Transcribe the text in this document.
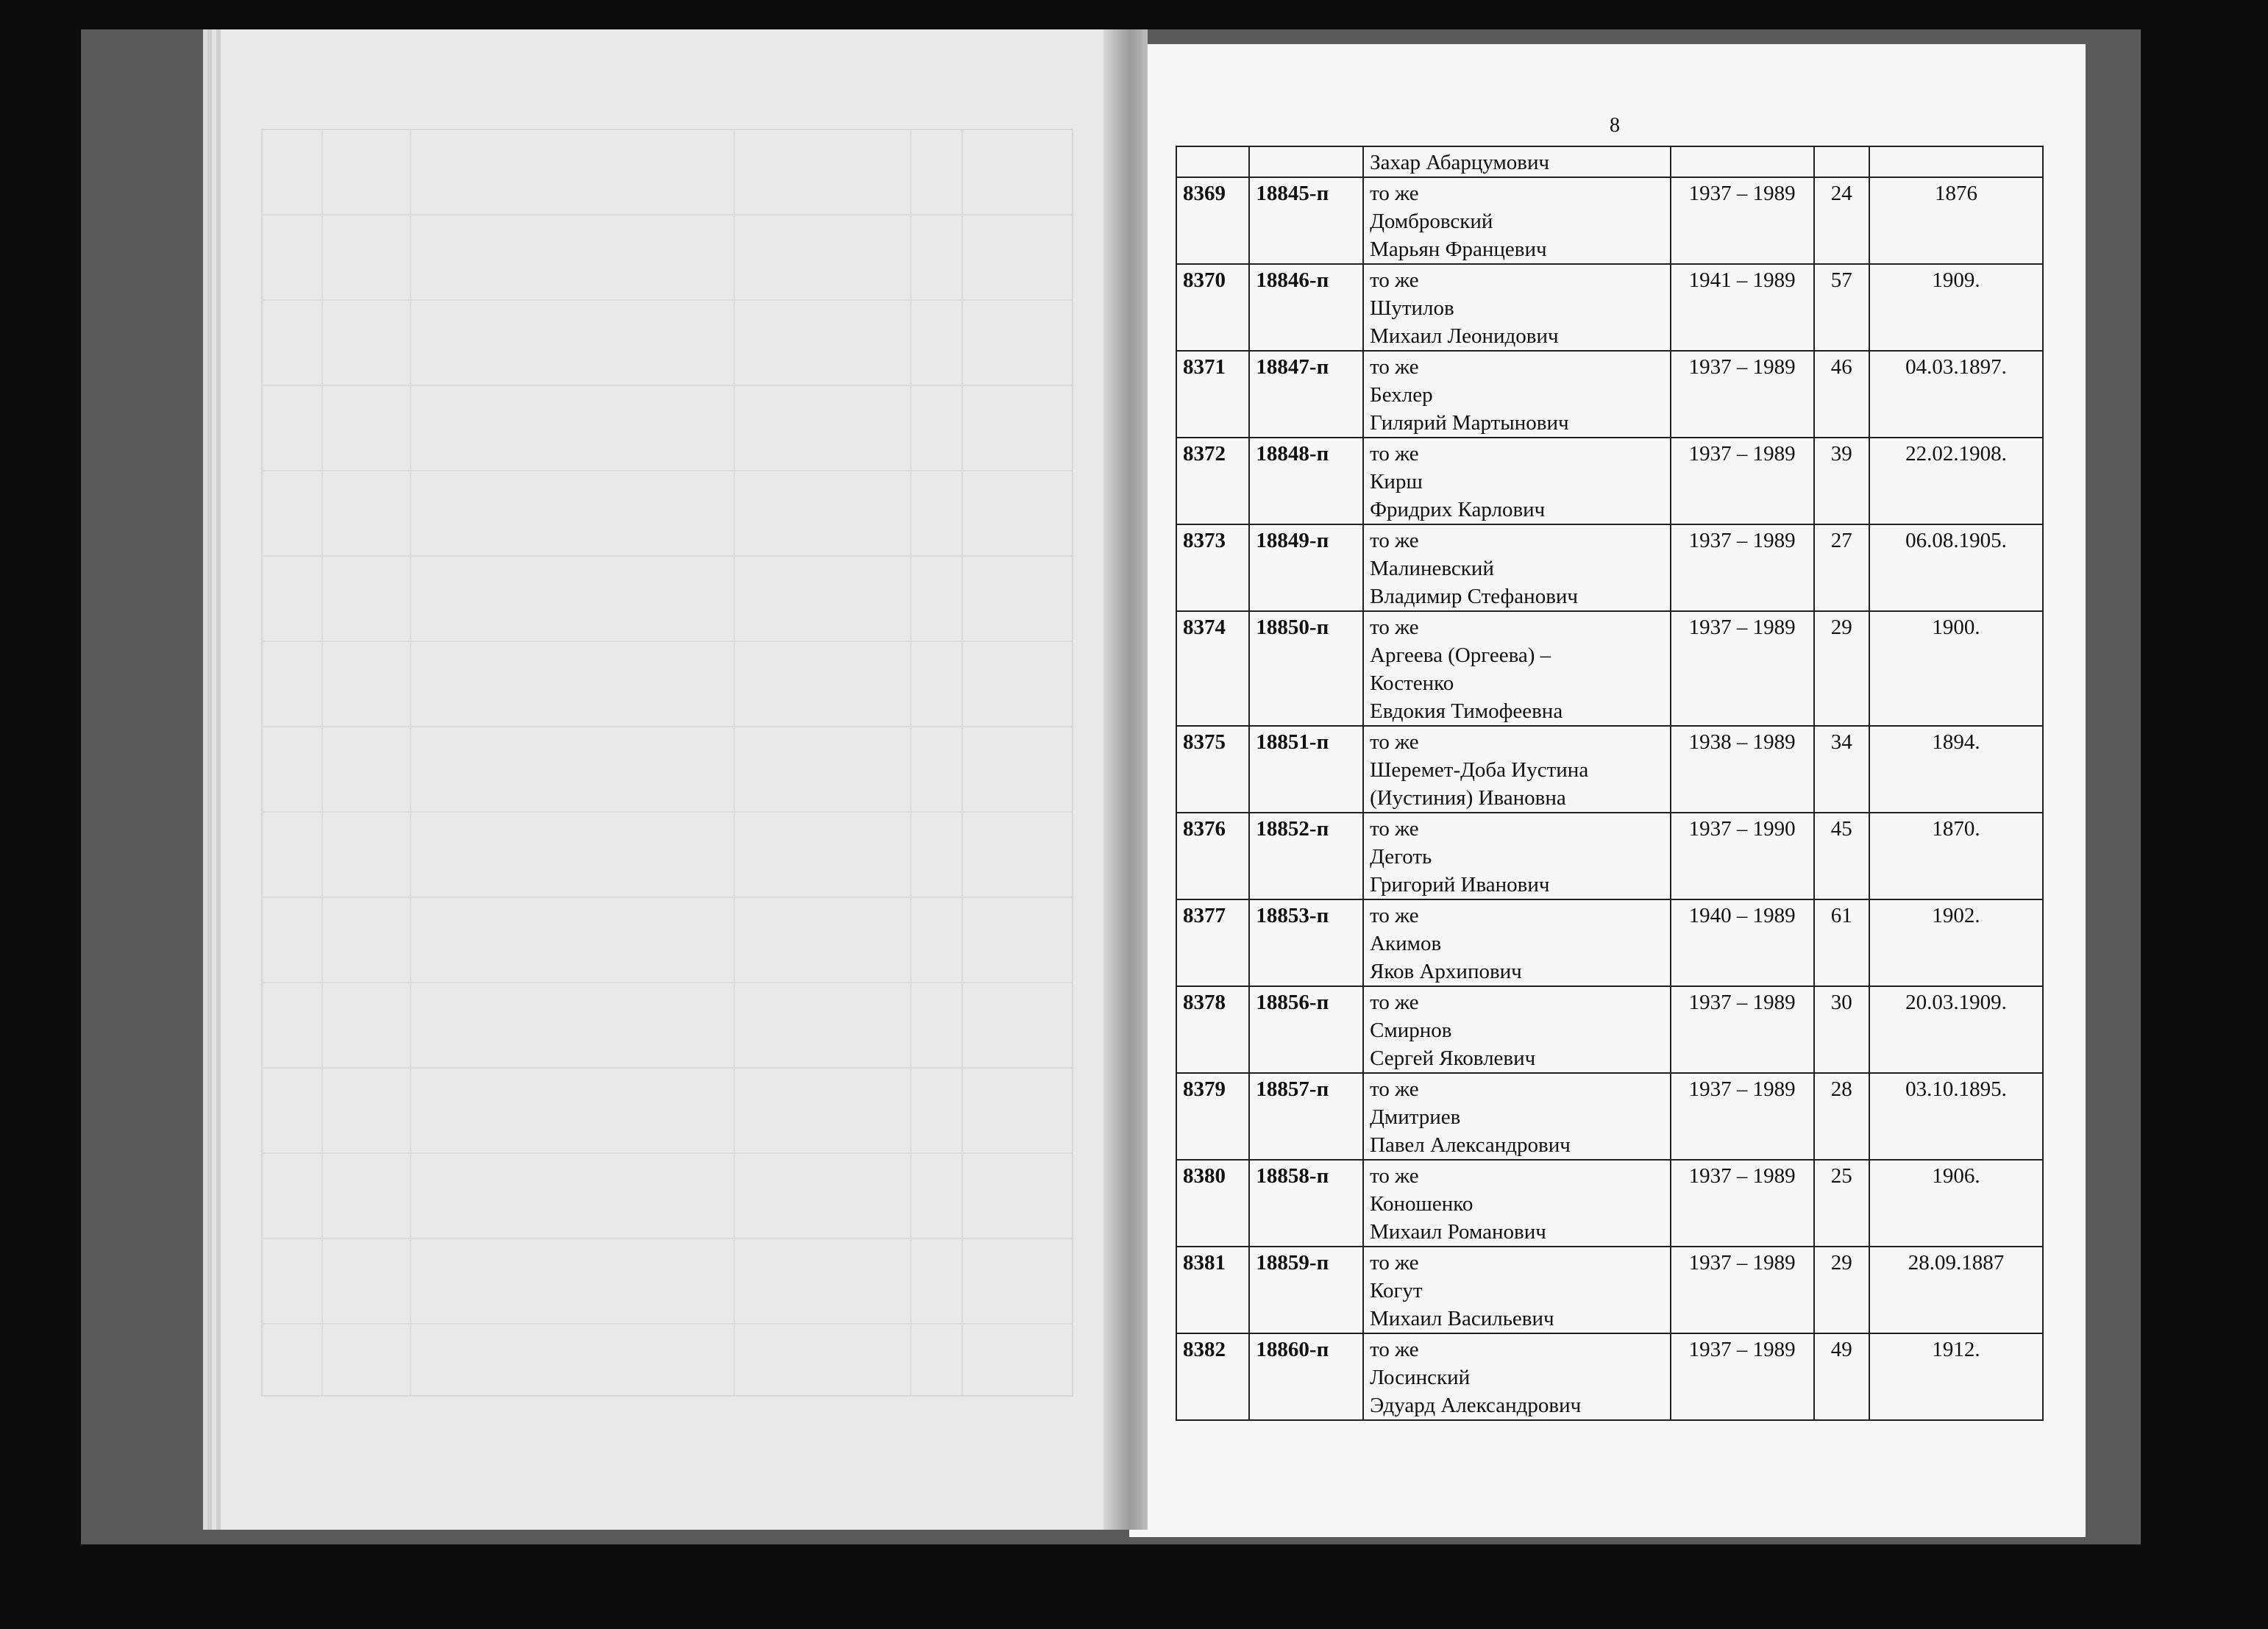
8
		Захар Абарцумович			
8369	18845-п	то же
Домбровский
Марьян Францевич	1937 – 1989	24	1876
8370	18846-п	то же
Шутилов
Михаил Леонидович	1941 – 1989	57	1909.
8371	18847-п	то же
Бехлер
Гилярий Мартынович	1937 – 1989	46	04.03.1897.
8372	18848-п	то же
Кирш
Фридрих Карлович	1937 – 1989	39	22.02.1908.
8373	18849-п	то же
Малиневский
Владимир Стефанович	1937 – 1989	27	06.08.1905.
8374	18850-п	то же
Аргеева (Оргеева) –
Костенко
Евдокия Тимофеевна	1937 – 1989	29	1900.
8375	18851-п	то же
Шеремет-Доба Иустина
(Иустиния) Ивановна	1938 – 1989	34	1894.
8376	18852-п	то же
Деготь
Григорий Иванович	1937 – 1990	45	1870.
8377	18853-п	то же
Акимов
Яков Архипович	1940 – 1989	61	1902.
8378	18856-п	то же
Смирнов
Сергей Яковлевич	1937 – 1989	30	20.03.1909.
8379	18857-п	то же
Дмитриев
Павел Александрович	1937 – 1989	28	03.10.1895.
8380	18858-п	то же
Коношенко
Михаил Романович	1937 – 1989	25	1906.
8381	18859-п	то же
Когут
Михаил Васильевич	1937 – 1989	29	28.09.1887
8382	18860-п	то же
Лосинский
Эдуард Александрович	1937 – 1989	49	1912.
